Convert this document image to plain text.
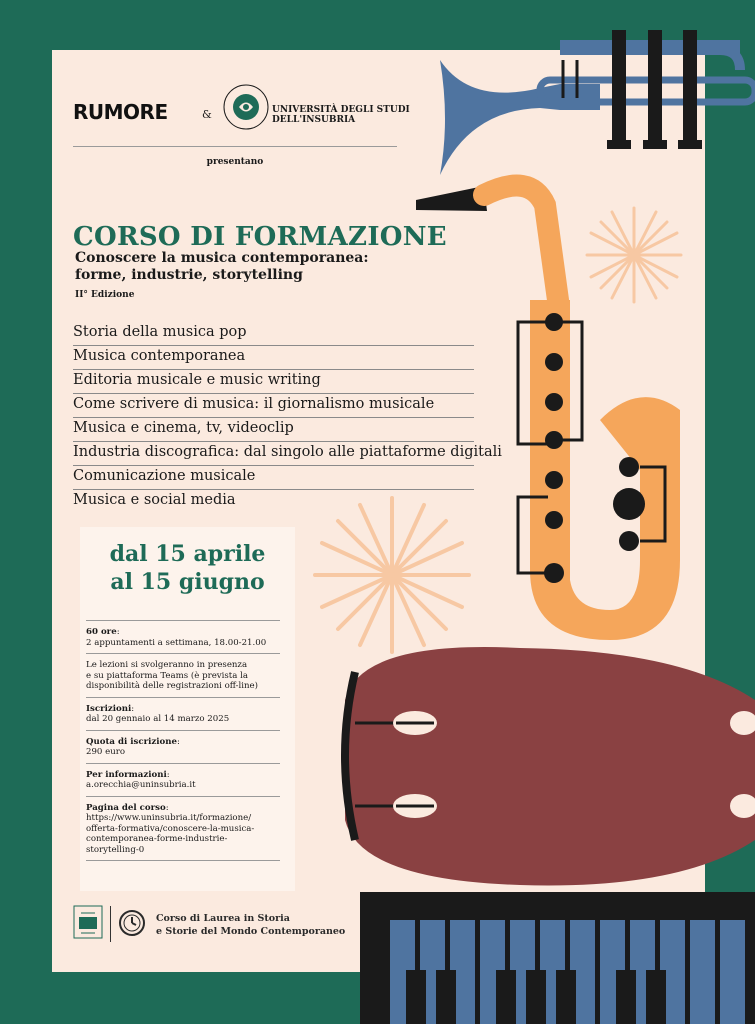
RUMORE	&	UNIVERSITÀ DEGLI STUDI
DELL'INSUBRIA
presentano
CORSO DI FORMAZIONE
Conoscere la musica contemporanea:
forme, industrie, storytelling
II° Edizione
Storia della musica pop
Musica contemporanea
Editoria musicale e music writing
Come scrivere di musica: il giornalismo musicale
Musica e cinema, tv, videoclip
Industria discografica: dal singolo alle piattaforme digitali
Comunicazione musicale
Musica e social media
dal 15 aprile
al 15 giugno
60 ore:
2 appuntamenti a settimana, 18.00-21.00
Le lezioni si svolgeranno in presenza
e su piattaforma Teams (è prevista la
disponibilità delle registrazioni off-line)
Iscrizioni:
dal 20 gennaio al 14 marzo 2025
Quota di iscrizione:
290 euro
Per informazioni:
a.orecchia@uninsubria.it
Pagina del corso:
https://www.uninsubria.it/formazione/
offerta-formativa/conoscere-la-musica-
contemporanea-forme-industrie-
storytelling-0
Corso di Laurea in Storia
e Storie del Mondo Contemporaneo
